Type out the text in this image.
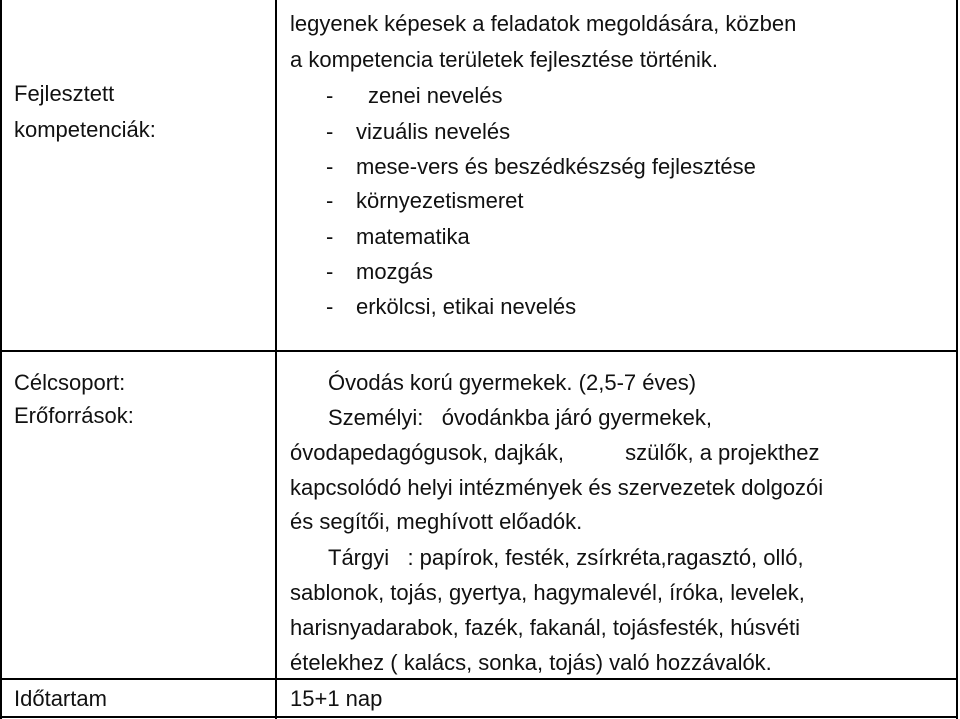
Fejlesztett
kompetenciák:
legyenek képesek a feladatok megoldására, közben
a kompetencia területek fejlesztése történik.
- zenei nevelés
- vizuális nevelés
- mese-vers és beszédkészség fejlesztése
- környezetismeret
- matematika
- mozgás
- erkölcsi, etikai nevelés
Célcsoport:
Erőforrások:
Óvodás korú gyermekek. (2,5-7 éves)
Személyi:   óvodánkba járó gyermekek,
óvodapedagógusok, dajkák,          szülők, a projekthez
kapcsolódó helyi intézmények és szervezetek dolgozói
és segítői, meghívott előadók.
Tárgyi   : papírok, festék, zsírkréta,ragasztó, olló,
sablonok, tojás, gyertya, hagymalevél, íróka, levelek,
harisnyadarabok, fazék, fakanál, tojásfesték, húsvéti
ételekhez ( kalács, sonka, tojás) való hozzávalók.
Időtartam	15+1 nap
